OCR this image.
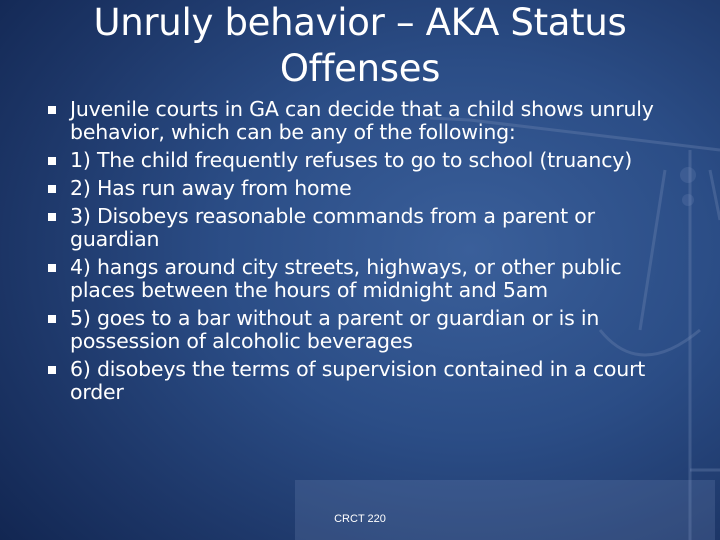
Unruly behavior – AKA Status Offenses
Juvenile courts in GA can decide that a child shows unruly behavior, which can be any of the following:
1) The child frequently refuses to go to school (truancy)
2) Has run away from home
3) Disobeys reasonable commands from a parent or guardian
4) hangs around city streets, highways, or other public places between the hours of midnight and 5am
5) goes to a bar without a parent or guardian or is in possession of alcoholic beverages
6) disobeys the terms of supervision contained in a court order
CRCT 220
